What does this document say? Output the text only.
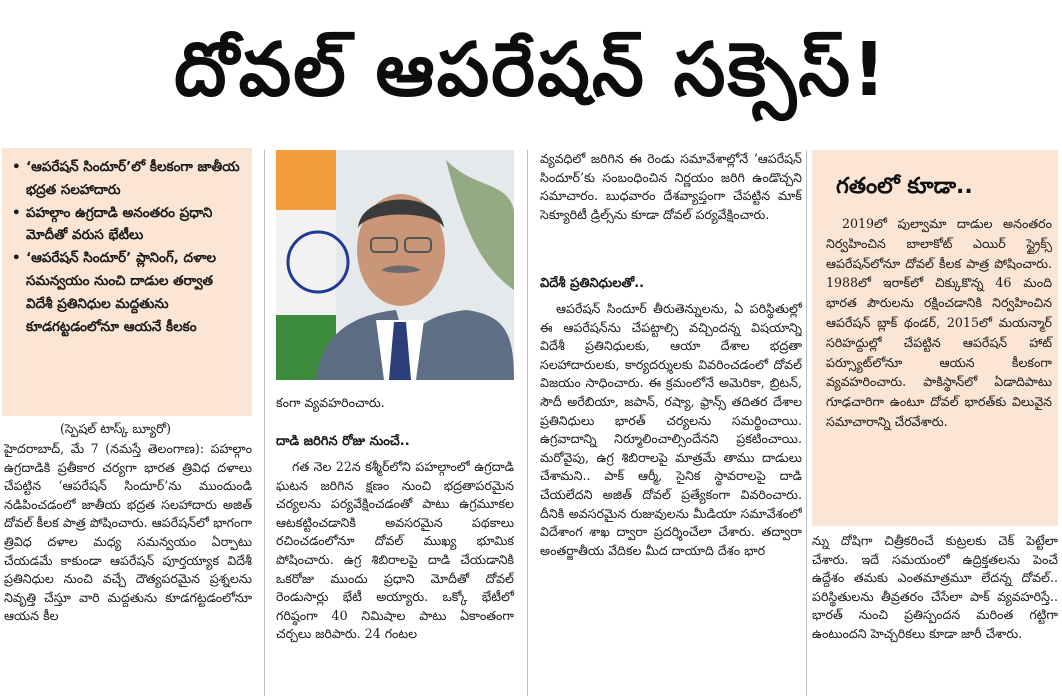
దోవల్ ఆపరేషన్ సక్సెస్!
• ‘ఆపరేషన్ సిందూర్’లో కీలకంగా జాతీయ భద్రత సలహాదారు
• పహల్గాం ఉగ్రదాడి అనంతరం ప్రధాని మోదీతో వరుస భేటీలు
• ‘ఆపరేషన్ సిందూర్’ ప్లానింగ్, దళాల సమన్వయం నుంచి దాడుల తర్వాత విదేశీ ప్రతినిధుల మద్దతును కూడగట్టడంలోనూ ఆయనే కీలకం
(స్పెషల్ టాస్క్ బ్యూరో)

హైదరాబాద్, మే 7 (నమస్తే తెలంగాణ): పహల్గాం ఉగ్రదాడికి ప్రతీకార చర్యగా భారత త్రివిధ దళాలు చేపట్టిన ‘ఆపరేషన్ సిందూర్’ను ముందుండి నడిపించడంలో జాతీయ భద్రత సలహాదారు అజిత్ దోవల్ కీలక పాత్ర పోషించారు. ఆపరేషన్‌లో భాగంగా త్రివిధ దళాల మధ్య సమన్వయం ఏర్పాటు చేయడమే కాకుండా ఆపరేషన్ పూర్తయ్యాక విదేశీ ప్రతినిధుల నుంచి వచ్చే దౌత్యపరమైన ప్రశ్నలను నివృత్తి చేస్తూ వారి మద్దతును కూడగట్టడంలోనూ ఆయన కీల

కంగా వ్యవహరించారు.

దాడి జరిగిన రోజు నుంచే..

గత నెల 22న కశ్మీర్‌లోని పహల్గాంలో ఉగ్రదాడి ఘటన జరిగిన క్షణం నుంచి భద్రతాపరమైన చర్యలను పర్యవేక్షించడంతో పాటు ఉగ్రమూకల ఆటకట్టించడానికి అవసరమైన పథకాలు రచించడంలోనూ దోవల్ ముఖ్య భూమిక పోషించారు. ఉగ్ర శిబిరాలపై దాడి చేయడానికి ఒకరోజు ముందు ప్రధాని మోదీతో దోవల్ రెండుసార్లు భేటీ అయ్యారు. ఒక్కో భేటీలో గరిష్ఠంగా 40 నిమిషాల పాటు ఏకాంతంగా చర్చలు జరిపారు. 24 గంటల

వ్యవధిలో జరిగిన ఈ రెండు సమావేశాల్లోనే ‘ఆపరేషన్ సిందూర్’కు సంబంధించిన నిర్ణయం జరిగి ఉండొచ్చని సమాచారం. బుధవారం దేశవ్యాప్తంగా చేపట్టిన మాక్ సెక్యూరిటీ డ్రిల్స్‌ను కూడా దోవల్ పర్యవేక్షించారు.

విదేశీ ప్రతినిధులతో..

ఆపరేషన్ సిందూర్ తీరుతెన్నులను, ఏ పరిస్థితుల్లో ఈ ఆపరేషన్‌ను చేపట్టాల్సి వచ్చిందన్న విషయాన్ని విదేశీ ప్రతినిధులకు, ఆయా దేశాల భద్రతా సలహాదారులకు, కార్యదర్శులకు వివరించడంలో దోవల్ విజయం సాధించారు. ఈ క్రమంలోనే అమెరికా, బ్రిటన్, సౌదీ అరేబియా, జపాన్, రష్యా, ఫ్రాన్స్ తదితర దేశాల ప్రతినిధులు భారత్ చర్యలను సమర్థించాయి. ఉగ్రవాదాన్ని నిర్మూలించాల్సిందేనని ప్రకటించాయి. మరోవైపు, ఉగ్ర శిబిరాలపై మాత్రమే తాము దాడులు చేశామని.. పాక్ ఆర్మీ, సైనిక స్థావరాలపై దాడి చేయలేదని అజిత్ దోవల్ ప్రత్యేకంగా వివరించారు. దీనికి అవసరమైన రుజువులను మీడియా సమావేశంలో విదేశాంగ శాఖ ద్వారా ప్రదర్శించేలా చేశారు. తద్వారా అంతర్జాతీయ వేదికల మీద దాయాది దేశం భార

గతంలో కూడా..

2019లో పుల్వామా దాడుల అనంతరం నిర్వహించిన బాలాకోట్ ఎయిర్ స్ట్రైక్స్ ఆపరేషన్‌లోనూ దోవల్ కీలక పాత్ర పోషించారు. 1988లో ఇరాక్‌లో చిక్కుకొన్న 46 మంది భారత పౌరులను రక్షించడానికి నిర్వహించిన ఆపరేషన్ బ్లాక్ థండర్, 2015లో మయన్మార్ సరిహద్దుల్లో చేపట్టిన ఆపరేషన్ హాట్ పర్స్యూట్‌లోనూ ఆయన కీలకంగా వ్యవహరించారు. పాకిస్థాన్‌లో ఏడాదిపాటు గూఢచారిగా ఉంటూ దోవల్ భారత్‌కు విలువైన సమాచారాన్ని చేరవేశారు.

న్ను దోషిగా చిత్రీకరించే కుట్రలకు చెక్ పెట్టేలా చేశారు. ఇదే సమయంలో ఉద్రిక్తతలను పెంచే ఉద్దేశం తమకు ఎంతమాత్రమూ లేదన్న దోవల్.. పరిస్థితులను తీవ్రతరం చేసేలా పాక్ వ్యవహరిస్తే.. భారత్ నుంచి ప్రతిస్పందన మరింత గట్టిగా ఉంటుందని హెచ్చరికలు కూడా జారీ చేశారు.
